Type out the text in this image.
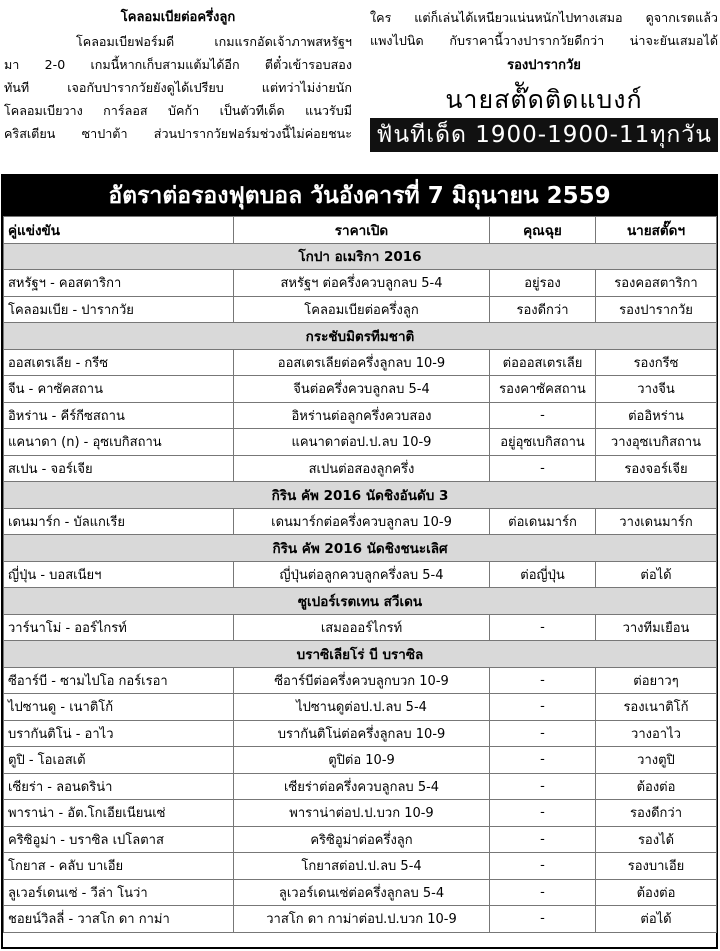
โคลอมเบียต่อครึ่งลูก
โคลอมเบียฟอร์มดี เกมแรกอัดเจ้าภาพสหรัฐฯ
มา 2-0 เกมนี้หากเก็บสามแต้มได้อีก ตีตั๋วเข้ารอบสอง
ทันที เจอกับปารากวัยยังดูได้เปรียบ แต่ทว่าไม่ง่ายนัก
โคลอมเบียวาง การ์ลอส บัคก้า เป็นตัวทีเด็ด แนวรับมี
คริสเตียน ซาปาต้า ส่วนปารากวัยฟอร์มช่วงนี้ไม่ค่อยชนะ
ใคร แต่ก็เล่นได้เหนียวแน่นหนักไปทางเสมอ ดูจากเรตแล้ว
แพงไปนิด กับราคานี้วางปารากวัยดีกว่า น่าจะยันเสมอได้
รองปารากวัย
นายสต๊ัดติดแบงก์
ฟันทีเด็ด 1900-1900-11ทุกวัน
อัตราต่อรองฟุตบอล วันอังคารที่ 7 มิถุนายน 2559
คู่แข่งขัน	ราคาเปิด	คุณฉุย	นายสตั๊ดฯ
โกปา อเมริกา 2016			
สหรัฐฯ - คอสตาริกา	สหรัฐฯ ต่อครึ่งควบลูกลบ 5-4	อยู่รอง	รองคอสตาริกา
โคลอมเบีย - ปารากวัย	โคลอมเบียต่อครึ่งลูก	รองดีกว่า	รองปารากวัย
กระชับมิตรทีมชาติ			
ออสเตรเลีย - กรีซ	ออสเตรเลียต่อครึ่งลูกลบ 10-9	ต่อออสเตรเลีย	รองกรีซ
จีน - คาซัคสถาน	จีนต่อครึ่งควบลูกลบ 5-4	รองคาซัคสถาน	วางจีน
อิหร่าน - คีร์กีซสถาน	อิหร่านต่อลูกครึ่งควบสอง	-	ต่ออิหร่าน
แคนาดา (n) - อุซเบกิสถาน	แคนาดาต่อป.ป.ลบ 10-9	อยู่อุซเบกิสถาน	วางอุซเบกิสถาน
สเปน - จอร์เจีย	สเปนต่อสองลูกครึ่ง	-	รองจอร์เจีย
กิริน คัพ 2016 นัดชิงอันดับ 3			
เดนมาร์ก - บัลแกเรีย	เดนมาร์กต่อครึ่งควบลูกลบ 10-9	ต่อเดนมาร์ก	วางเดนมาร์ก
กิริน คัพ 2016 นัดชิงชนะเลิศ			
ญี่ปุ่น - บอสเนียฯ	ญี่ปุ่นต่อลูกควบลูกครึ่งลบ 5-4	ต่อญี่ปุ่น	ต่อได้
ซูเปอร์เรตเทน สวีเดน			
วาร์นาโม่ - ออร์ไกรท์	เสมอออร์ไกรท์	-	วางทีมเยือน
บราซิเลียโร่ บี บราซิล			
ซีอาร์บี - ซามไปโอ กอร์เรอา	ซีอาร์บีต่อครึ่งควบลูกบวก 10-9	-	ต่อยาวๆ
ไปซานดู - เนาติโก้	ไปซานดูต่อป.ป.ลบ 5-4	-	รองเนาติโก้
บรากันติโน่ - อาไว	บรากันติโน่ต่อครึ่งลูกลบ 10-9	-	วางอาไว
ตูปิ - โอเอสเต้	ตูปิต่อ 10-9	-	วางตูปิ
เซียร่า - ลอนดริน่า	เซียร่าต่อครึ่งควบลูกลบ 5-4	-	ต้องต่อ
พาราน่า - อัต.โกเอียเนียนเซ่	พาราน่าต่อป.ป.บวก 10-9	-	รองดีกว่า
คริซิอูม่า - บราซิล เปโลตาส	คริซิอูม่าต่อครึ่งลูก	-	รองได้
โกยาส - คลับ บาเอีย	โกยาสต่อป.ป.ลบ 5-4	-	รองบาเอีย
ลูเวอร์เดนเซ่ - วีล่า โนว่า	ลูเวอร์เดนเซ่ต่อครึ่งลูกลบ 5-4	-	ต้องต่อ
ชอยน์วิลลี่ - วาสโก ดา กาม่า	วาสโก ดา กาม่าต่อป.ป.บวก 10-9	-	ต่อได้
